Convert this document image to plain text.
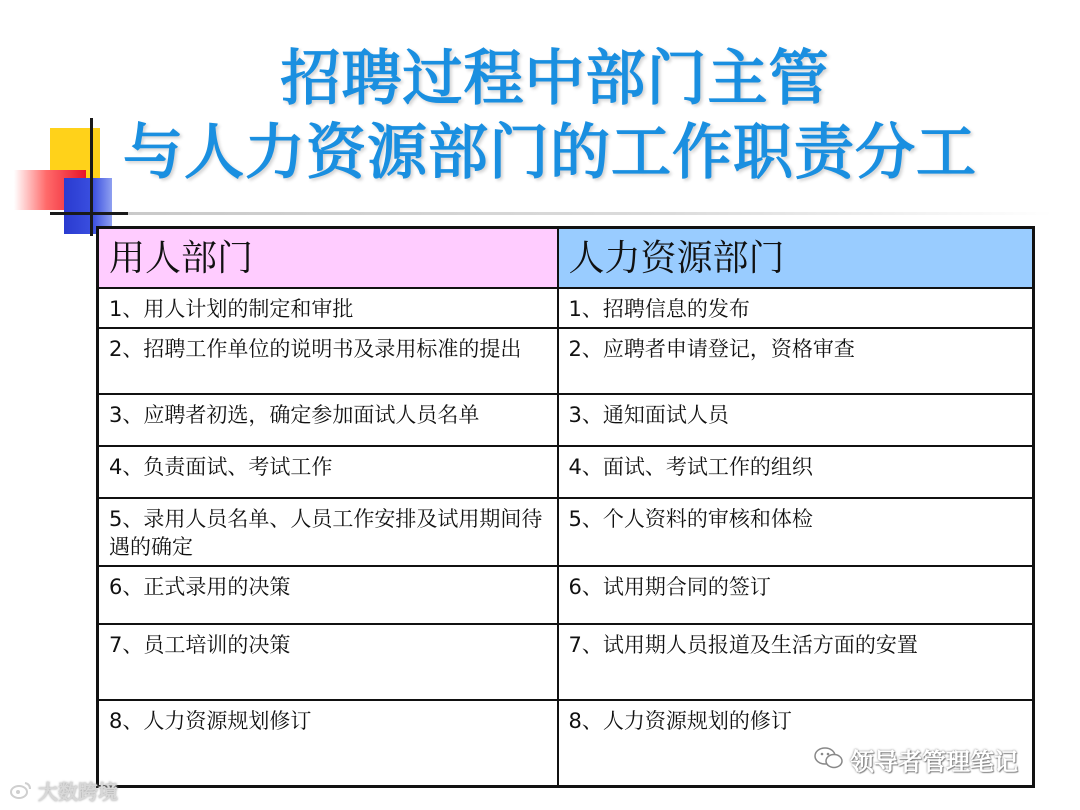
招聘过程中部门主管
与人力资源部门的工作职责分工
用人部门	人力资源部门
1、用人计划的制定和审批	1、招聘信息的发布
2、招聘工作单位的说明书及录用标准的提出	2、应聘者申请登记，资格审查
3、应聘者初选，确定参加面试人员名单	3、通知面试人员
4、负责面试、考试工作	4、面试、考试工作的组织
5、录用人员名单、人员工作安排及试用期间待遇的确定	5、个人资料的审核和体检
6、正式录用的决策	6、试用期合同的签订
7、员工培训的决策	7、试用期人员报道及生活方面的安置
8、人力资源规划修订	8、人力资源规划的修订
大数跨境
领导者管理笔记
